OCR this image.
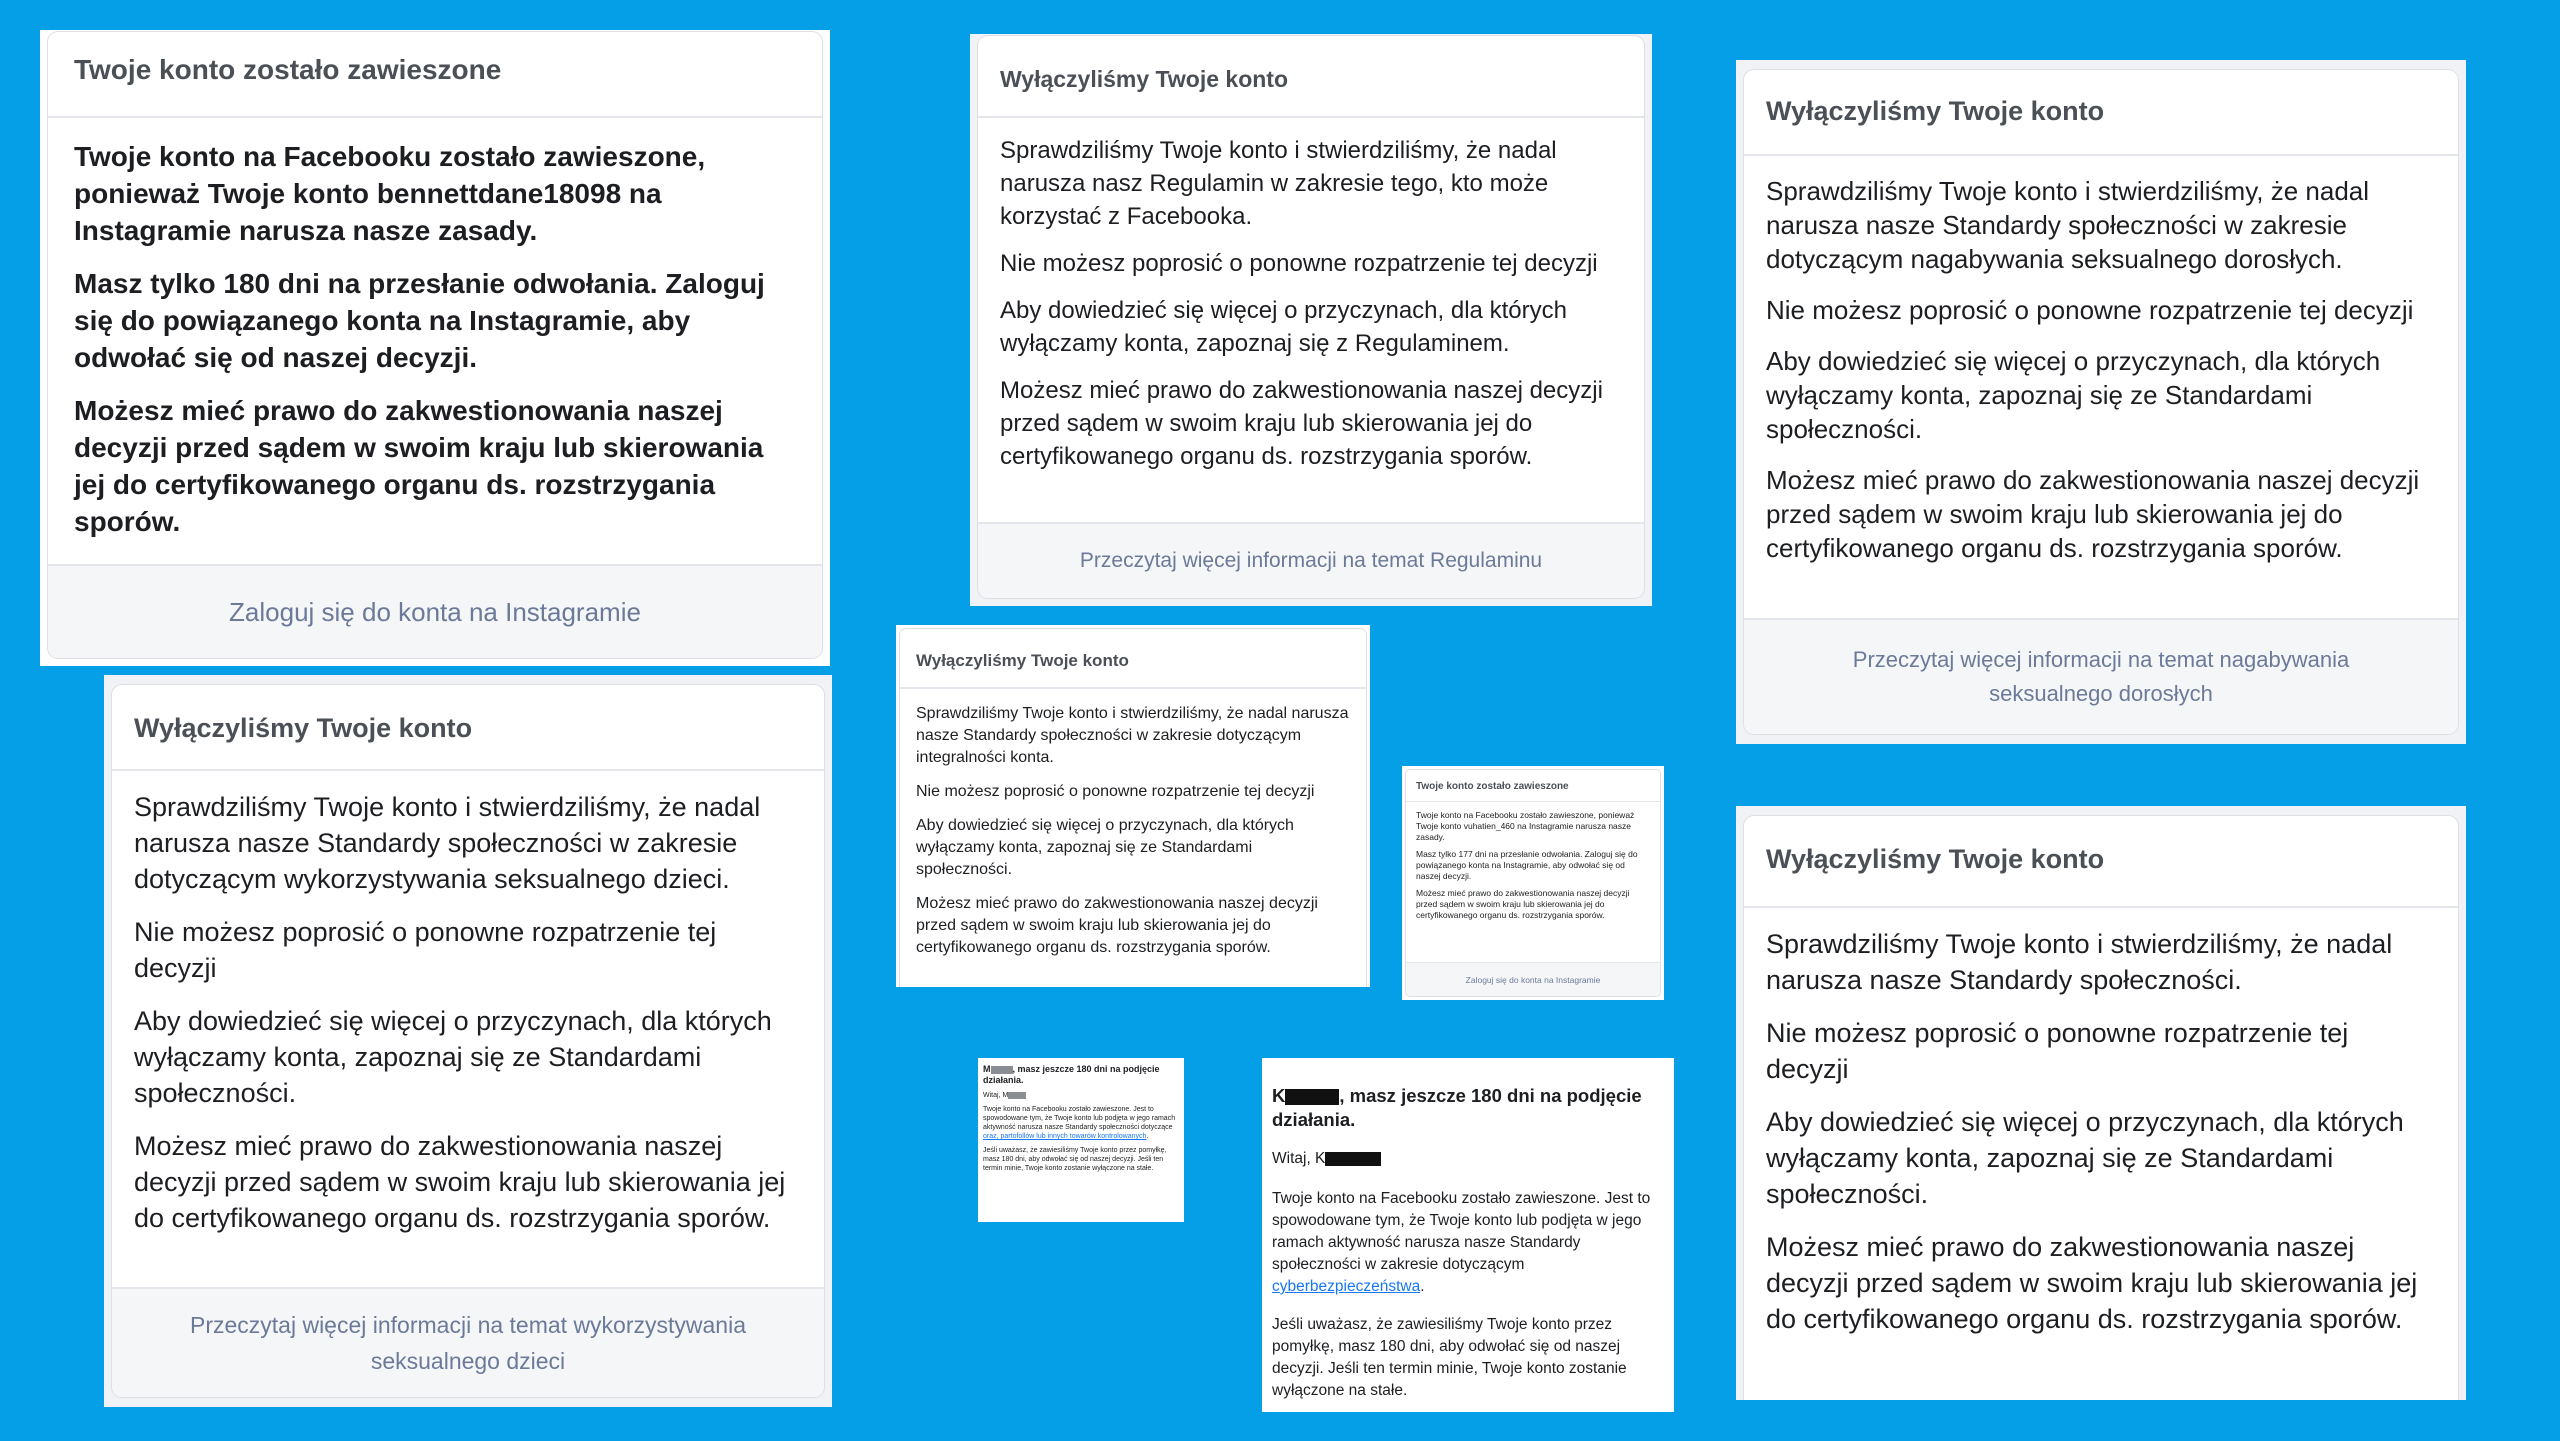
Twoje konto zostało zawieszone

Twoje konto na Facebooku zostało zawieszone, ponieważ Twoje konto bennettdane18098 na Instagramie narusza nasze zasady.

Masz tylko 180 dni na przesłanie odwołania. Zaloguj się do powiązanego konta na Instagramie, aby odwołać się od naszej decyzji.

Możesz mieć prawo do zakwestionowania naszej decyzji przed sądem w swoim kraju lub skierowania jej do certyfikowanego organu ds. rozstrzygania sporów.

Zaloguj się do konta na Instagramie
Wyłączyliśmy Twoje konto

Sprawdziliśmy Twoje konto i stwierdziliśmy, że nadal narusza nasz Regulamin w zakresie tego, kto może korzystać z Facebooka.

Nie możesz poprosić o ponowne rozpatrzenie tej decyzji

Aby dowiedzieć się więcej o przyczynach, dla których wyłączamy konta, zapoznaj się z Regulaminem.

Możesz mieć prawo do zakwestionowania naszej decyzji przed sądem w swoim kraju lub skierowania jej do certyfikowanego organu ds. rozstrzygania sporów.

Przeczytaj więcej informacji na temat Regulaminu
Wyłączyliśmy Twoje konto

Sprawdziliśmy Twoje konto i stwierdziliśmy, że nadal narusza nasze Standardy społeczności w zakresie dotyczącym nagabywania seksualnego dorosłych.

Nie możesz poprosić o ponowne rozpatrzenie tej decyzji

Aby dowiedzieć się więcej o przyczynach, dla których wyłączamy konta, zapoznaj się ze Standardami społeczności.

Możesz mieć prawo do zakwestionowania naszej decyzji przed sądem w swoim kraju lub skierowania jej do certyfikowanego organu ds. rozstrzygania sporów.

Przeczytaj więcej informacji na temat nagabywania seksualnego dorosłych
Wyłączyliśmy Twoje konto

Sprawdziliśmy Twoje konto i stwierdziliśmy, że nadal narusza nasze Standardy społeczności w zakresie dotyczącym wykorzystywania seksualnego dzieci.

Nie możesz poprosić o ponowne rozpatrzenie tej decyzji

Aby dowiedzieć się więcej o przyczynach, dla których wyłączamy konta, zapoznaj się ze Standardami społeczności.

Możesz mieć prawo do zakwestionowania naszej decyzji przed sądem w swoim kraju lub skierowania jej do certyfikowanego organu ds. rozstrzygania sporów.

Przeczytaj więcej informacji na temat wykorzystywania seksualnego dzieci
Wyłączyliśmy Twoje konto

Sprawdziliśmy Twoje konto i stwierdziliśmy, że nadal narusza nasze Standardy społeczności w zakresie dotyczącym integralności konta.

Nie możesz poprosić o ponowne rozpatrzenie tej decyzji

Aby dowiedzieć się więcej o przyczynach, dla których wyłączamy konta, zapoznaj się ze Standardami społeczności.

Możesz mieć prawo do zakwestionowania naszej decyzji przed sądem w swoim kraju lub skierowania jej do certyfikowanego organu ds. rozstrzygania sporów.

Twoje konto zostało zawieszone

Twoje konto na Facebooku zostało zawieszone, ponieważ Twoje konto vuhatien_460 na Instagramie narusza nasze zasady.

Masz tylko 177 dni na przesłanie odwołania. Zaloguj się do powiązanego konta na Instagramie, aby odwołać się od naszej decyzji.

Możesz mieć prawo do zakwestionowania naszej decyzji przed sądem w swoim kraju lub skierowania jej do certyfikowanego organu ds. rozstrzygania sporów.

Zaloguj się do konta na Instagramie
Wyłączyliśmy Twoje konto

Sprawdziliśmy Twoje konto i stwierdziliśmy, że nadal narusza nasze Standardy społeczności.

Nie możesz poprosić o ponowne rozpatrzenie tej decyzji

Aby dowiedzieć się więcej o przyczynach, dla których wyłączamy konta, zapoznaj się ze Standardami społeczności.

Możesz mieć prawo do zakwestionowania naszej decyzji przed sądem w swoim kraju lub skierowania jej do certyfikowanego organu ds. rozstrzygania sporów.

M , masz jeszcze 180 dni na podjęcie działania.

Witaj, M

Twoje konto na Facebooku zostało zawieszone. Jest to spowodowane tym, że Twoje konto lub podjęta w jego ramach aktywność narusza nasze Standardy społeczności dotyczące oraz, partofollów lub innych towarów kontrolowanych.

Jeśli uważasz, że zawiesiliśmy Twoje konto przez pomyłkę, masz 180 dni, aby odwołać się od naszej decyzji. Jeśli ten termin minie, Twoje konto zostanie wyłączone na stałe.

K	, masz jeszcze 180 dni na podjęcie działania.

Witaj, K

Twoje konto na Facebooku zostało zawieszone. Jest to spowodowane tym, że Twoje konto lub podjęta w jego ramach aktywność narusza nasze Standardy społeczności w zakresie dotyczącym cyberbezpieczeństwa.

Jeśli uważasz, że zawiesiliśmy Twoje konto przez pomyłkę, masz 180 dni, aby odwołać się od naszej decyzji. Jeśli ten termin minie, Twoje konto zostanie wyłączone na stałe.
